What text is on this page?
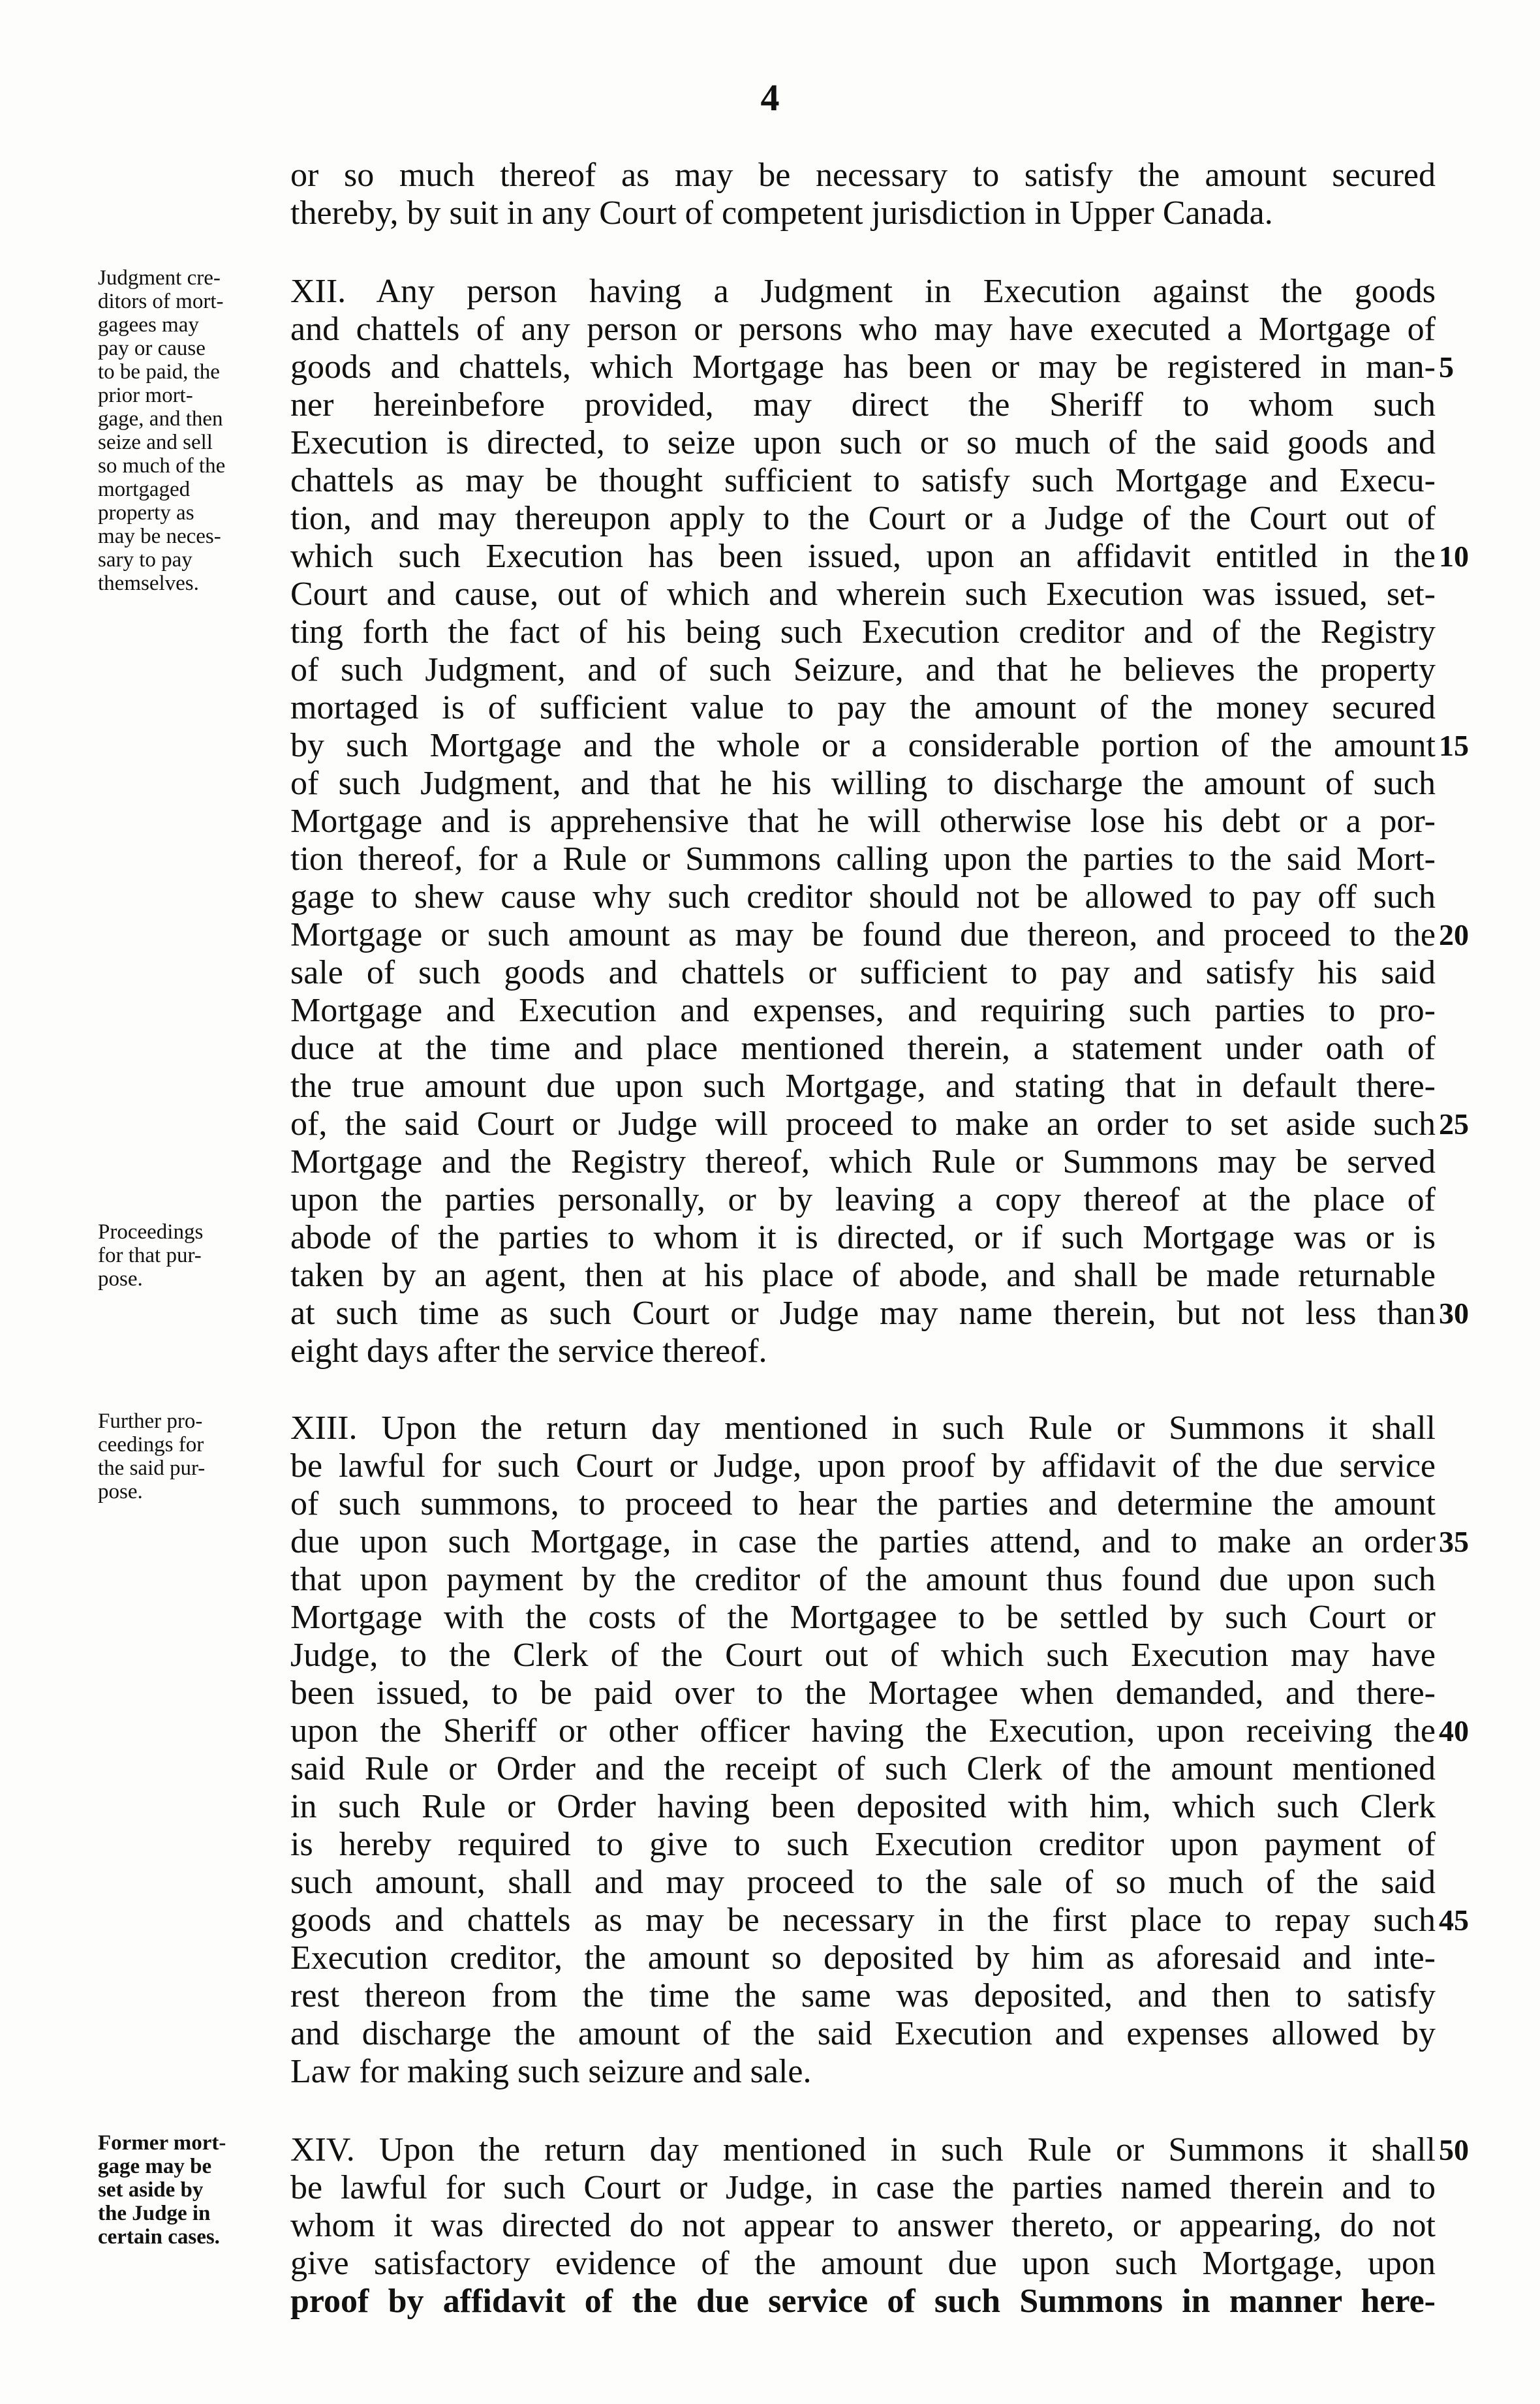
4
Judgment cre-
ditors of mort-
gagees may
pay or cause
to be paid, the
prior mort-
gage, and then
seize and sell
so much of the
mortgaged
property as
may be neces-
sary to pay
themselves.
Proceedings
for that pur-
pose.
Further pro-
ceedings for
the said pur-
pose.
Former mort-
gage may be
set aside by
the Judge in
certain cases.
or so much thereof as may be necessary to satisfy the amount secured
thereby, by suit in any Court of competent jurisdiction in Upper Canada.
XII. Any person having a Judgment in Execution against the goods
and chattels of any person or persons who may have executed a Mortgage of
goods and chattels, which Mortgage has been or may be registered in man- 5
ner hereinbefore provided, may direct the Sheriff to whom such
Execution is directed, to seize upon such or so much of the said goods and
chattels as may be thought sufficient to satisfy such Mortgage and Execu-
tion, and may thereupon apply to the Court or a Judge of the Court out of
which such Execution has been issued, upon an affidavit entitled in the 10
Court and cause, out of which and wherein such Execution was issued, set-
ting forth the fact of his being such Execution creditor and of the Registry
of such Judgment, and of such Seizure, and that he believes the property
mortaged is of sufficient value to pay the amount of the money secured
by such Mortgage and the whole or a considerable portion of the amount 15
of such Judgment, and that he his willing to discharge the amount of such
Mortgage and is apprehensive that he will otherwise lose his debt or a por-
tion thereof, for a Rule or Summons calling upon the parties to the said Mort-
gage to shew cause why such creditor should not be allowed to pay off such
Mortgage or such amount as may be found due thereon, and proceed to the 20
sale of such goods and chattels or sufficient to pay and satisfy his said
Mortgage and Execution and expenses, and requiring such parties to pro-
duce at the time and place mentioned therein, a statement under oath of
the true amount due upon such Mortgage, and stating that in default there-
of, the said Court or Judge will proceed to make an order to set aside such 25
Mortgage and the Registry thereof, which Rule or Summons may be served
upon the parties personally, or by leaving a copy thereof at the place of
abode of the parties to whom it is directed, or if such Mortgage was or is
taken by an agent, then at his place of abode, and shall be made returnable
at such time as such Court or Judge may name therein, but not less than 30
eight days after the service thereof.
XIII. Upon the return day mentioned in such Rule or Summons it shall
be lawful for such Court or Judge, upon proof by affidavit of the due service
of such summons, to proceed to hear the parties and determine the amount
due upon such Mortgage, in case the parties attend, and to make an order 35
that upon payment by the creditor of the amount thus found due upon such
Mortgage with the costs of the Mortgagee to be settled by such Court or
Judge, to the Clerk of the Court out of which such Execution may have
been issued, to be paid over to the Mortagee when demanded, and there-
upon the Sheriff or other officer having the Execution, upon receiving the 40
said Rule or Order and the receipt of such Clerk of the amount mentioned
in such Rule or Order having been deposited with him, which such Clerk
is hereby required to give to such Execution creditor upon payment of
such amount, shall and may proceed to the sale of so much of the said
goods and chattels as may be necessary in the first place to repay such 45
Execution creditor, the amount so deposited by him as aforesaid and inte-
rest thereon from the time the same was deposited, and then to satisfy
and discharge the amount of the said Execution and expenses allowed by
Law for making such seizure and sale.
XIV. Upon the return day mentioned in such Rule or Summons it shall 50
be lawful for such Court or Judge, in case the parties named therein and to
whom it was directed do not appear to answer thereto, or appearing, do not
give satisfactory evidence of the amount due upon such Mortgage, upon
proof by affidavit of the due service of such Summons in manner here-
